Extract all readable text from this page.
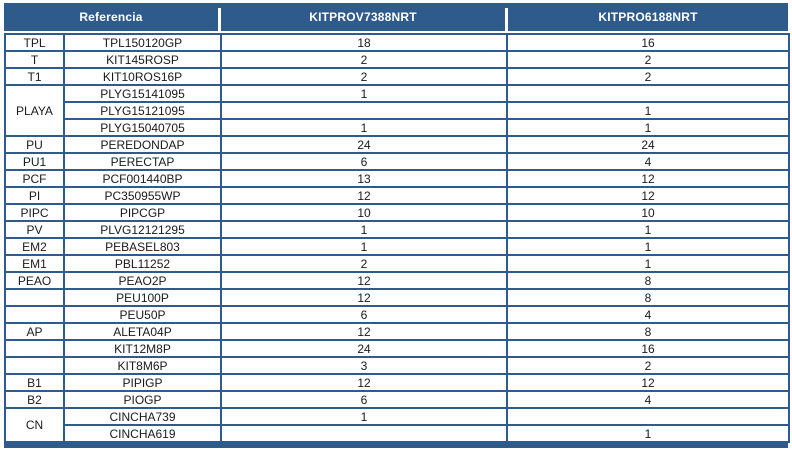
Referencia	KITPROV7388NRT	KITPRO6188NRT
TPL	TPL150120GP	18	16
T	KIT145ROSP	2	2
T1	KIT10ROS16P	2	2
PLAYA	PLYG15141095	1	
	PLYG15121095		1
	PLYG15040705	1	1
PU	PEREDONDAP	24	24
PU1	PERECTAP	6	4
PCF	PCF001440BP	13	12
PI	PC350955WP	12	12
PIPC	PIPCGP	10	10
PV	PLVG12121295	1	1
EM2	PEBASEL803	1	1
EM1	PBL11252	2	1
PEAO	PEAO2P	12	8
	PEU100P	12	8
	PEU50P	6	4
AP	ALETA04P	12	8
	KIT12M8P	24	16
	KIT8M6P	3	2
B1	PIPIGP	12	12
B2	PIOGP	6	4
CN	CINCHA739	1	
	CINCHA619		1
